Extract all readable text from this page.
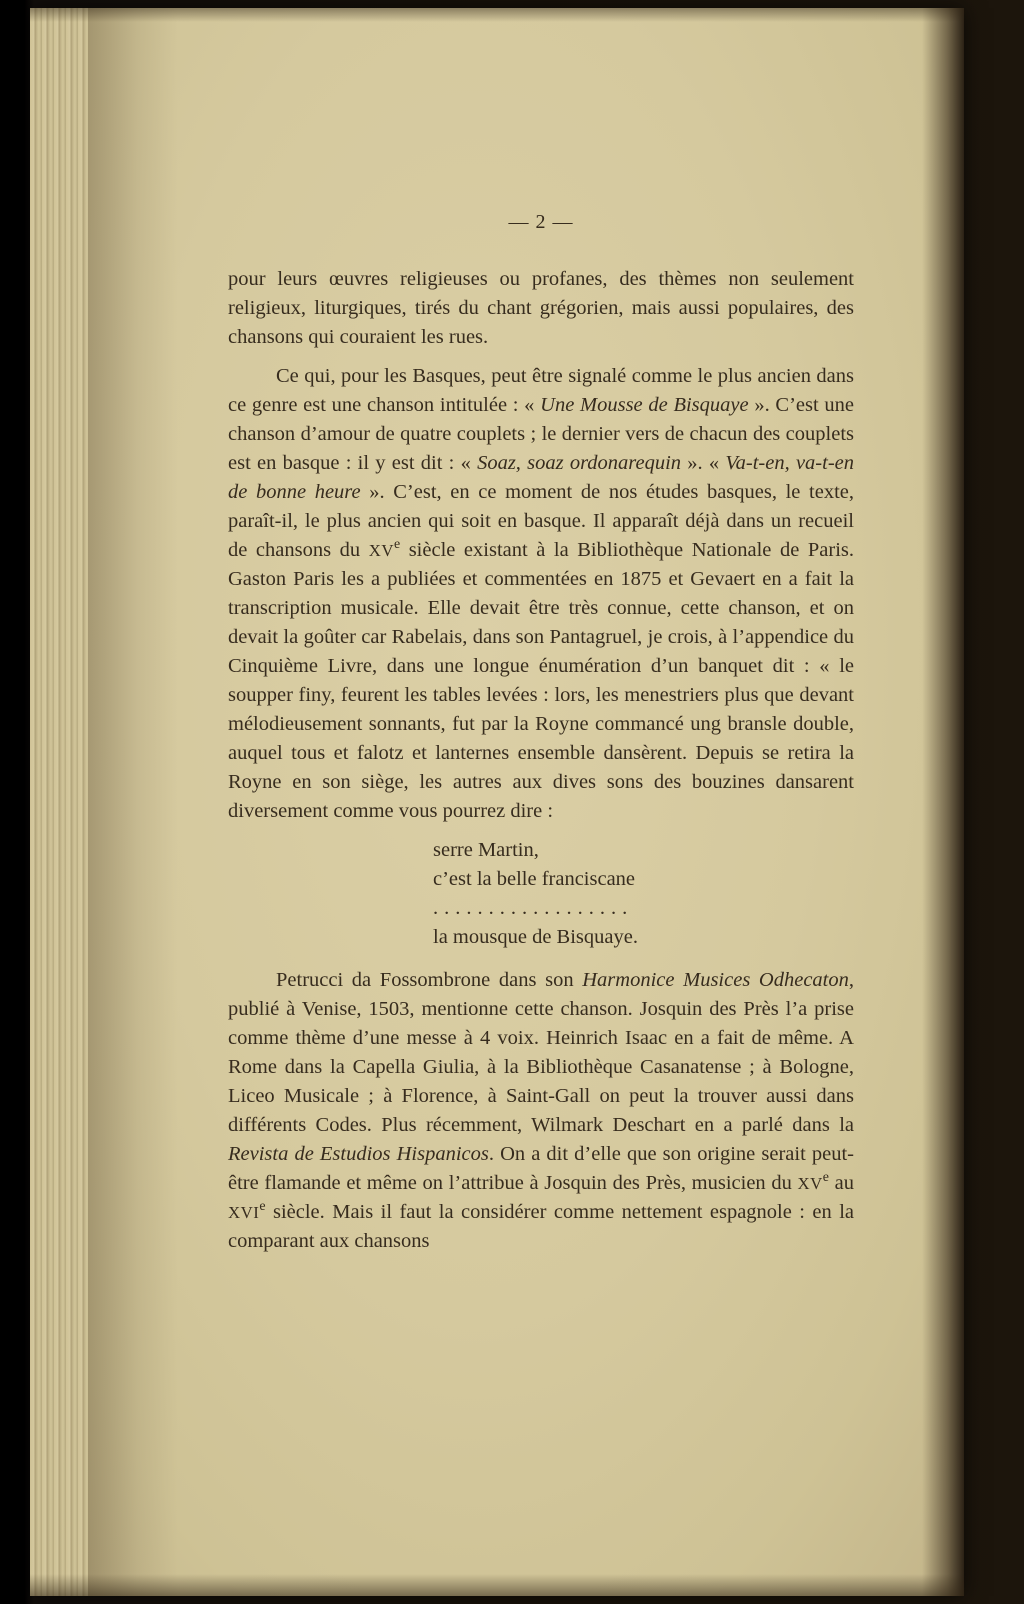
— 2 —

pour leurs œuvres religieuses ou profanes, des thèmes non seulement religieux, liturgiques, tirés du chant grégorien, mais aussi populaires, des chansons qui couraient les rues.

Ce qui, pour les Basques, peut être signalé comme le plus ancien dans ce genre est une chanson intitulée : « Une Mousse de Bisquaye ». C’est une chanson d’amour de quatre couplets ; le dernier vers de chacun des couplets est en basque : il y est dit : « Soaz, soaz ordonarequin ». « Va-t-en, va-t-en de bonne heure ». C’est, en ce moment de nos études basques, le texte, paraît-il, le plus ancien qui soit en basque. Il apparaît déjà dans un recueil de chansons du XVe siècle existant à la Bibliothèque Nationale de Paris. Gaston Paris les a publiées et commentées en 1875 et Gevaert en a fait la transcription musicale. Elle devait être très connue, cette chanson, et on devait la goûter car Rabelais, dans son Pantagruel, je crois, à l’appendice du Cinquième Livre, dans une longue énumération d’un banquet dit : « le soupper finy, feurent les tables levées : lors, les menestriers plus que devant mélodieusement sonnants, fut par la Royne commancé ung bransle double, auquel tous et falotz et lanternes ensemble dansèrent. Depuis se retira la Royne en son siège, les autres aux dives sons des bouzines dansarent diversement comme vous pourrez dire :

serre Martin,
c’est la belle franciscane
..................
la mousque de Bisquaye.

Petrucci da Fossombrone dans son Harmonice Musices Odhecaton, publié à Venise, 1503, mentionne cette chanson. Josquin des Près l’a prise comme thème d’une messe à 4 voix. Heinrich Isaac en a fait de même. A Rome dans la Capella Giulia, à la Bibliothèque Casanatense ; à Bologne, Liceo Musicale ; à Florence, à Saint-Gall on peut la trouver aussi dans différents Codes. Plus récemment, Wilmark Deschart en a parlé dans la Revista de Estudios Hispanicos. On a dit d’elle que son origine serait peut-être flamande et même on l’attribue à Josquin des Près, musicien du XVe au XVIe siècle. Mais il faut la considérer comme nettement espagnole : en la comparant aux chansons
